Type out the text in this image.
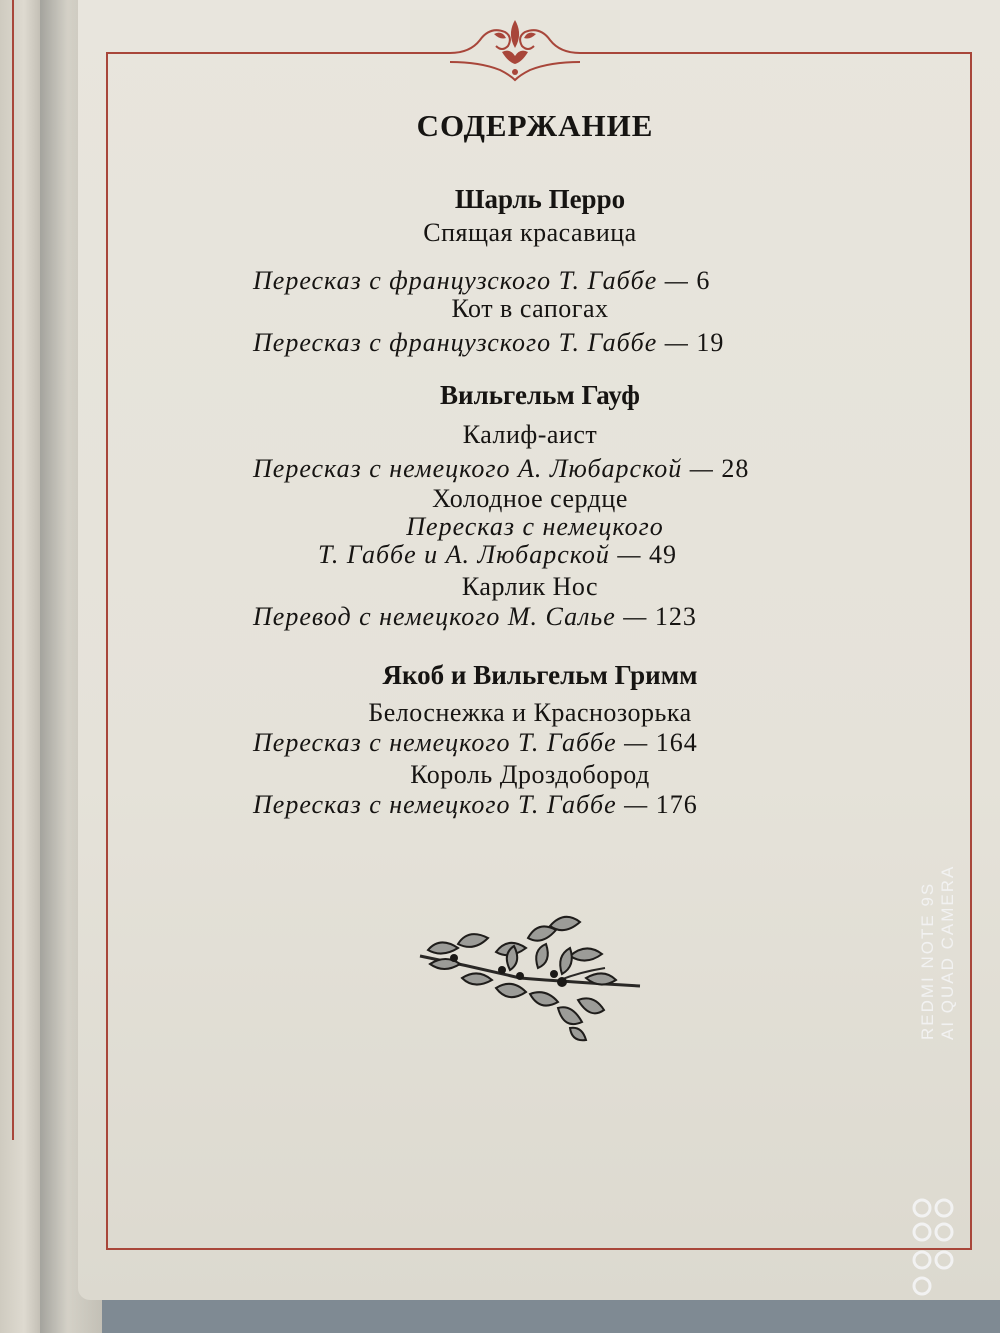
СОДЕРЖАНИЕ

Шарль Перро

Спящая красавица

Пересказ с французского Т. Габбе — 6

Кот в сапогах

Пересказ с французского Т. Габбе — 19

Вильгельм Гауф

Калиф-аист

Пересказ с немецкого А. Любарской — 28

Холодное сердце

Пересказ с немецкого

Т. Габбе и А. Любарской — 49

Карлик Нос

Перевод с немецкого М. Салье — 123

Якоб и Вильгельм Гримм

Белоснежка и Краснозорька

Пересказ с немецкого Т. Габбе — 164

Король Дроздобород

Пересказ с немецкого Т. Габбе — 176

REDMI NOTE 9S AI QUAD CAMERA
